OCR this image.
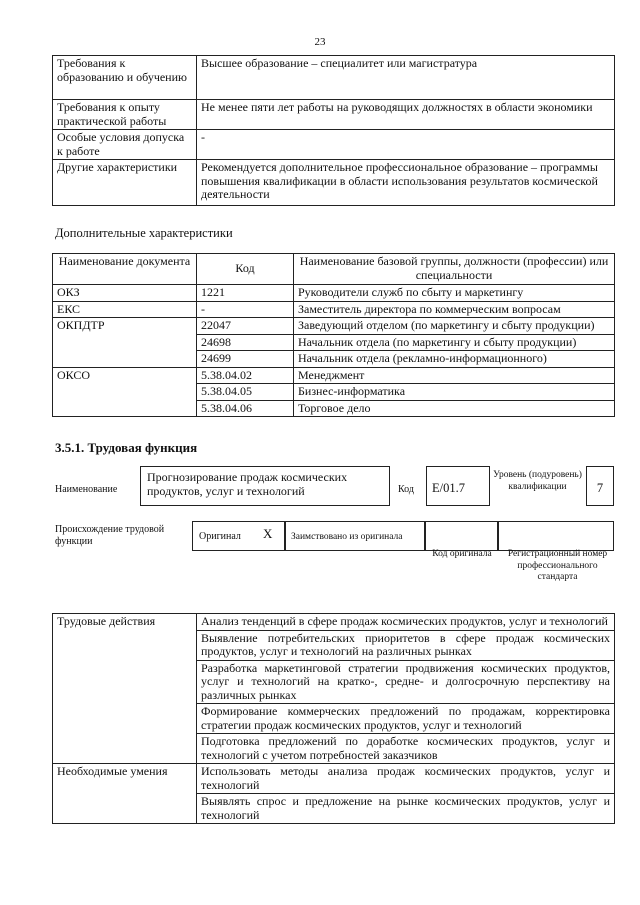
23
Требования к образованию и обучению	Высшее образование – специалитет или магистратура
Требования к опыту практической работы	Не менее пяти лет работы на руководящих должностях в области экономики
Особые условия допуска к работе	-
Другие характеристики	Рекомендуется дополнительное профессиональное образование – программы повышения квалификации в области использования результатов космической деятельности
Дополнительные характеристики
Наименование документа	Код	Наименование базовой группы, должности (профессии) или специальности
ОКЗ	1221	Руководители служб по сбыту и маркетингу
ЕКС	-	Заместитель директора по коммерческим вопросам
ОКПДТР	22047	Заведующий отделом (по маркетингу и сбыту продукции)
	24698	Начальник отдела (по маркетингу и сбыту продукции)
	24699	Начальник отдела (рекламно-информационного)
ОКСО	5.38.04.02	Менеджмент
	5.38.04.05	Бизнес-информатика
	5.38.04.06	Торговое дело
3.5.1. Трудовая функция
Наименование
Прогнозирование продаж космических продуктов, услуг и технологий	Код	E/01.7
Уровень (подуровень) квалификации	7
Происхождение трудовой функции	Оригинал X Заимствовано из оригинала
Код оригинала Регистрационный номер профессионального стандарта
Трудовые действия	Анализ тенденций в сфере продаж космических продуктов, услуг и технологий
	Выявление потребительских приоритетов в сфере продаж космических продуктов, услуг и технологий на различных рынках
	Разработка маркетинговой стратегии продвижения космических продуктов, услуг и технологий на кратко-, средне- и долгосрочную перспективу на различных рынках
	Формирование коммерческих предложений по продажам, корректировка стратегии продаж космических продуктов, услуг и технологий
	Подготовка предложений по доработке космических продуктов, услуг и технологий с учетом потребностей заказчиков
Необходимые умения	Использовать методы анализа продаж космических продуктов, услуг и технологий
	Выявлять спрос и предложение на рынке космических продуктов, услуг и технологий
